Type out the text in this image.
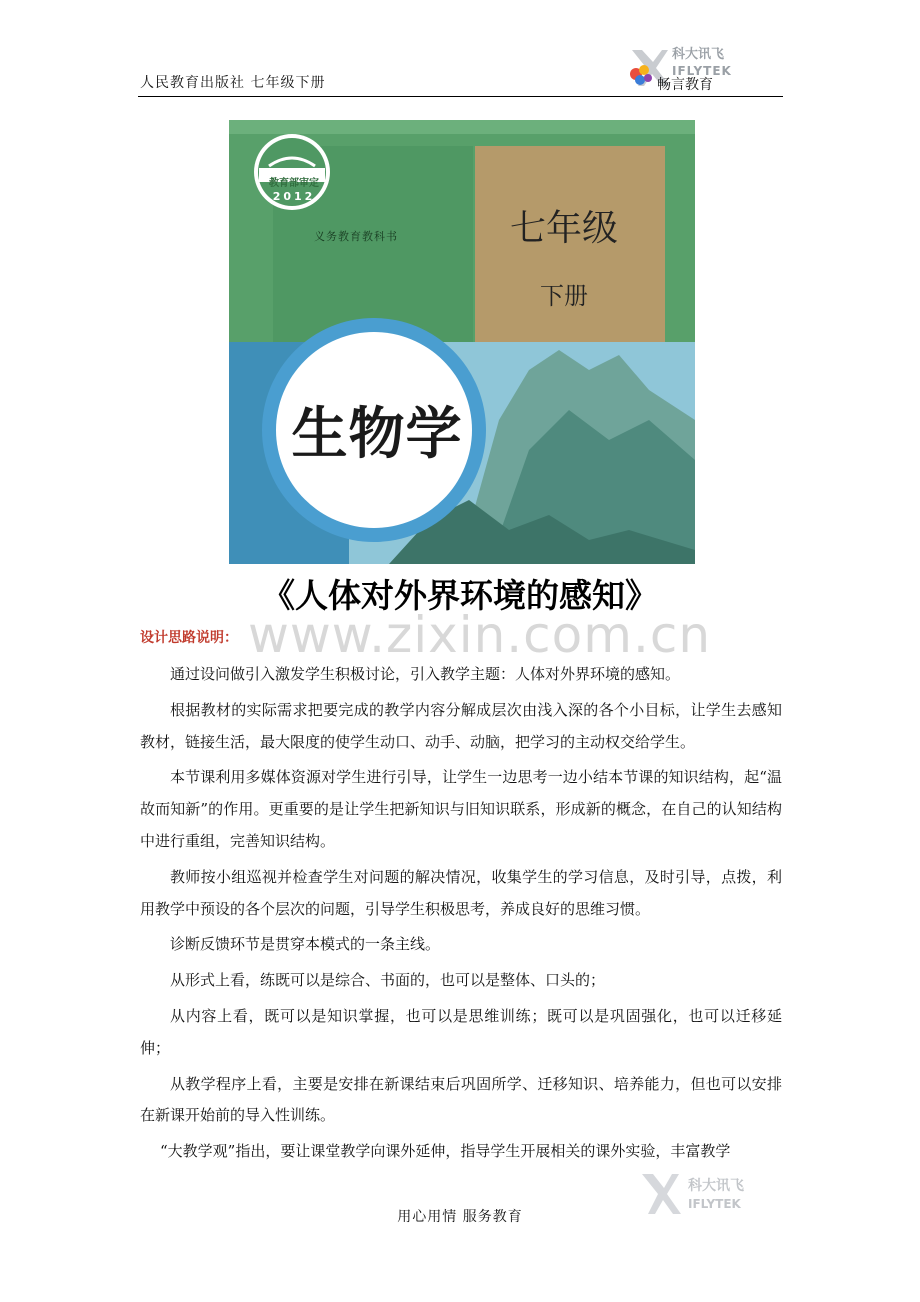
人民教育出版社 七年级下册
科大讯飞
IFLYTEK
畅言教育
教育部审定
2012
义务教育教科书	七年级
下册
生物学
《人体对外界环境的感知》
www.zixin.com.cn
设计思路说明：

通过设问做引入激发学生积极讨论，引入教学主题：人体对外界环境的感知。

根据教材的实际需求把要完成的教学内容分解成层次由浅入深的各个小目标，让学生去感知教材，链接生活，最大限度的使学生动口、动手、动脑，把学习的主动权交给学生。

本节课利用多媒体资源对学生进行引导，让学生一边思考一边小结本节课的知识结构，起“温故而知新”的作用。更重要的是让学生把新知识与旧知识联系，形成新的概念，在自己的认知结构中进行重组，完善知识结构。

教师按小组巡视并检查学生对问题的解决情况，收集学生的学习信息，及时引导，点拨，利用教学中预设的各个层次的问题，引导学生积极思考，养成良好的思维习惯。

诊断反馈环节是贯穿本模式的一条主线。

从形式上看，练既可以是综合、书面的，也可以是整体、口头的；

从内容上看，既可以是知识掌握，也可以是思维训练；既可以是巩固强化，也可以迁移延伸；

从教学程序上看，主要是安排在新课结束后巩固所学、迁移知识、培养能力，但也可以安排在新课开始前的导入性训练。

“大教学观”指出，要让课堂教学向课外延伸，指导学生开展相关的课外实验，丰富教学

科大讯飞
IFLYTEK
用心用情 服务教育
